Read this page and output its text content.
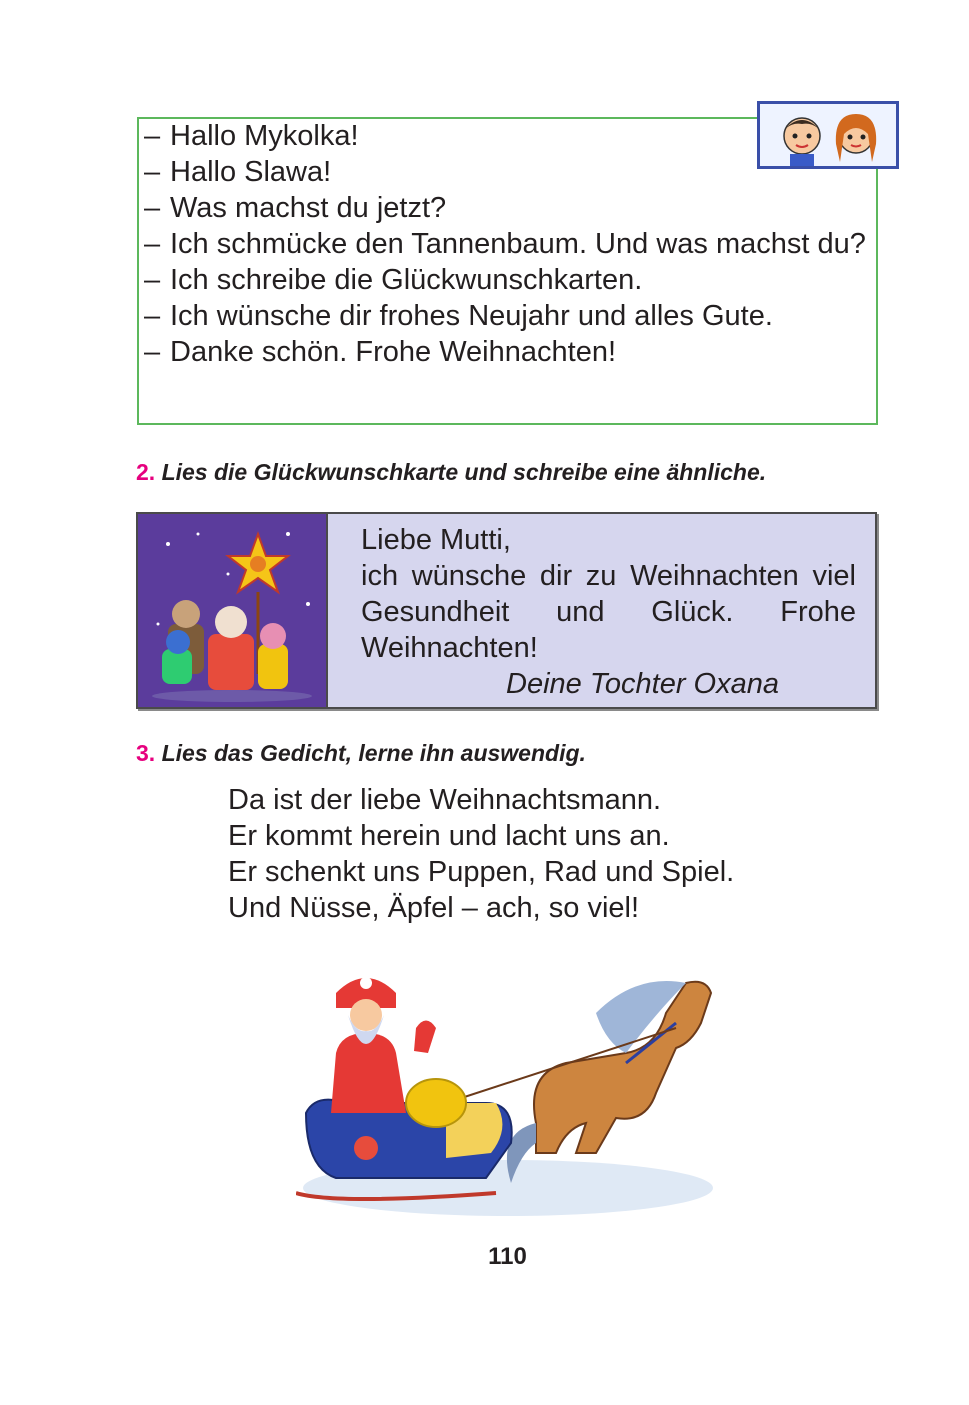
– Hallo Mykolka!
– Hallo Slawa!
– Was machst du jetzt?
– Ich schmücke den Tannenbaum. Und was machst du?
– Ich schreibe die Glückwunschkarten.
– Ich wünsche dir frohes Neujahr und alles Gute.
– Danke schön. Frohe Weihnachten!
2. Lies die Glückwunschkarte und schreibe eine ähnliche.
Liebe Mutti,
ich wünsche dir zu Weihnachten viel Gesundheit und Glück. Frohe
Weihnachten!
Deine Tochter Oxana
3. Lies das Gedicht, lerne ihn auswendig.
Da ist der liebe Weihnachtsmann.
Er kommt herein und lacht uns an.
Er schenkt uns Puppen, Rad und Spiel.
Und Nüsse, Äpfel – ach, so viel!
110
